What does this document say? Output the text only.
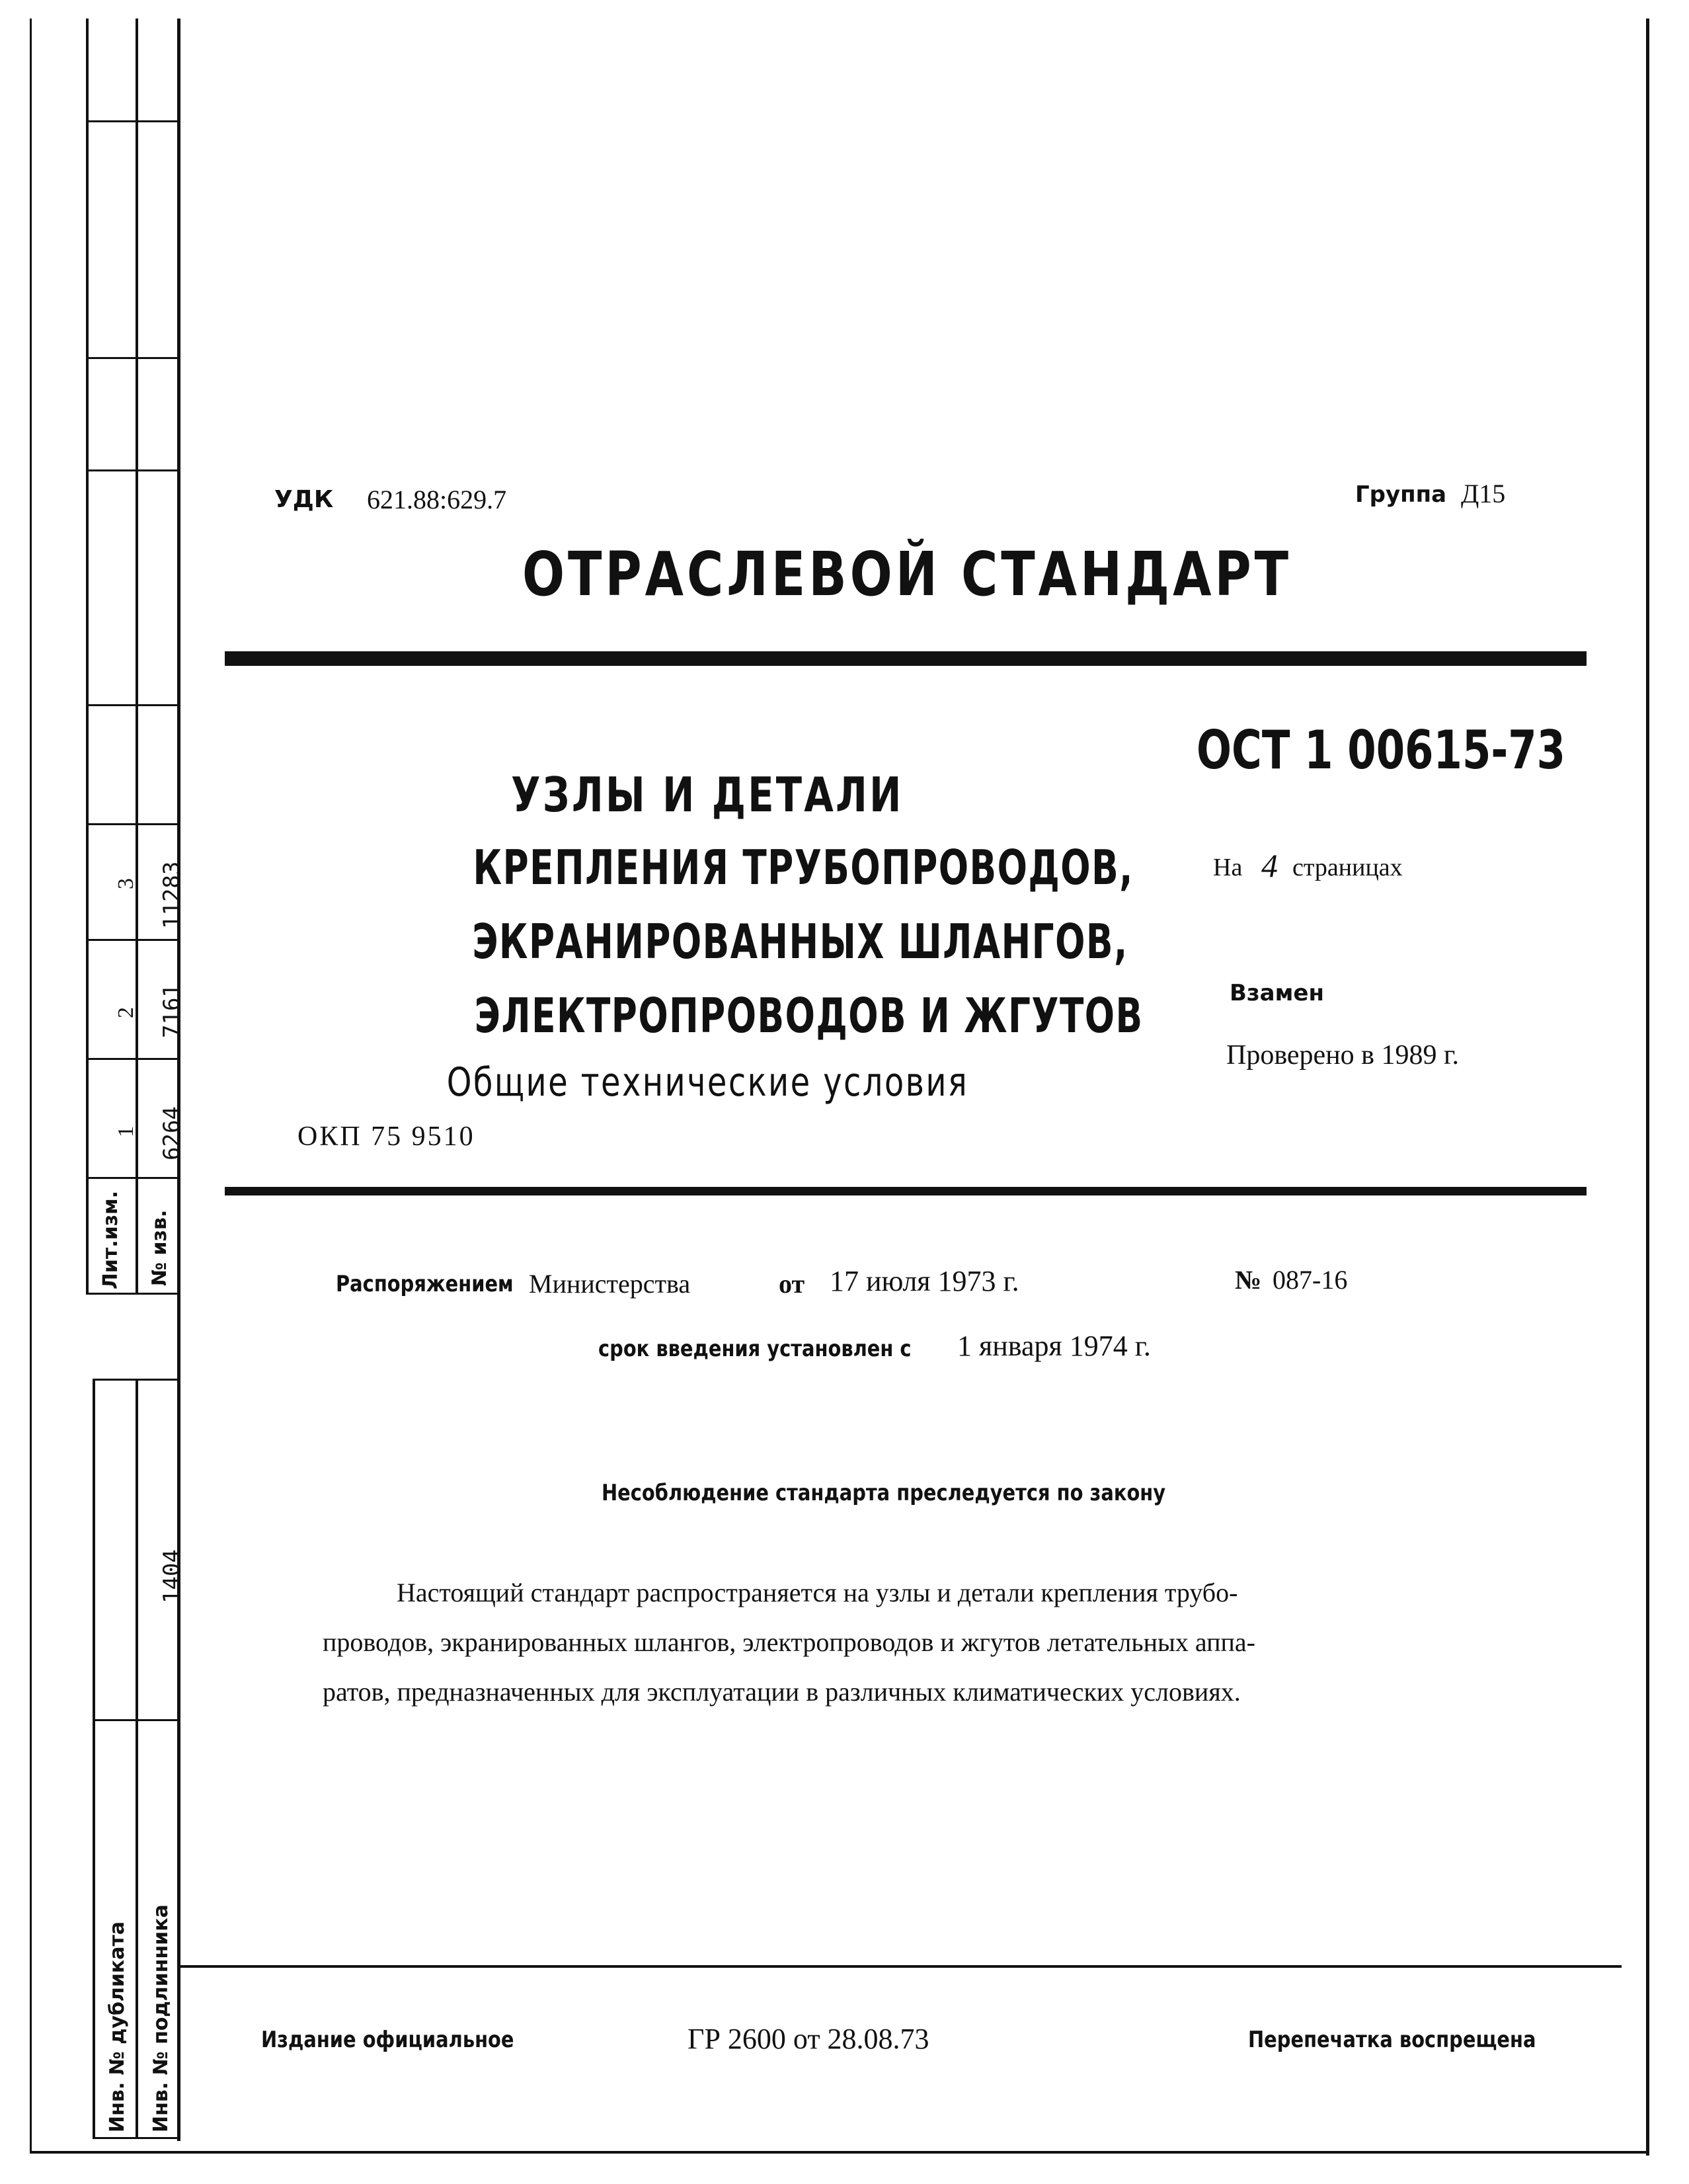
3 11283
2 7161
1 6264
Лит.изм. № изв.
1404
Инв. № дубликата Инв. № подлинника
УДК 621.88:629.7	Группа Д15
ОТРАСЛЕВОЙ СТАНДАРТ
ОСТ 1 00615-73
На 4 страницах
Взамен
Проверено в 1989 г.
УЗЛЫ И ДЕТАЛИ
КРЕПЛЕНИЯ ТРУБОПРОВОДОВ,
ЭКРАНИРОВАННЫХ ШЛАНГОВ,
ЭЛЕКТРОПРОВОДОВ И ЖГУТОВ
Общие технические условия
ОКП 75 9510
Распоряжением Министерства	от 17 июля 1973 г.	№ 087-16
срок введения установлен с 1 января 1974 г.
Несоблюдение стандарта преследуется по закону
Настоящий стандарт распространяется на узлы и детали крепления трубо-
проводов, экранированных шлангов, электропроводов и жгутов летательных аппа-
ратов, предназначенных для эксплуатации в различных климатических условиях.
Издание официальное	ГР 2600 от 28.08.73	Перепечатка воспрещена
